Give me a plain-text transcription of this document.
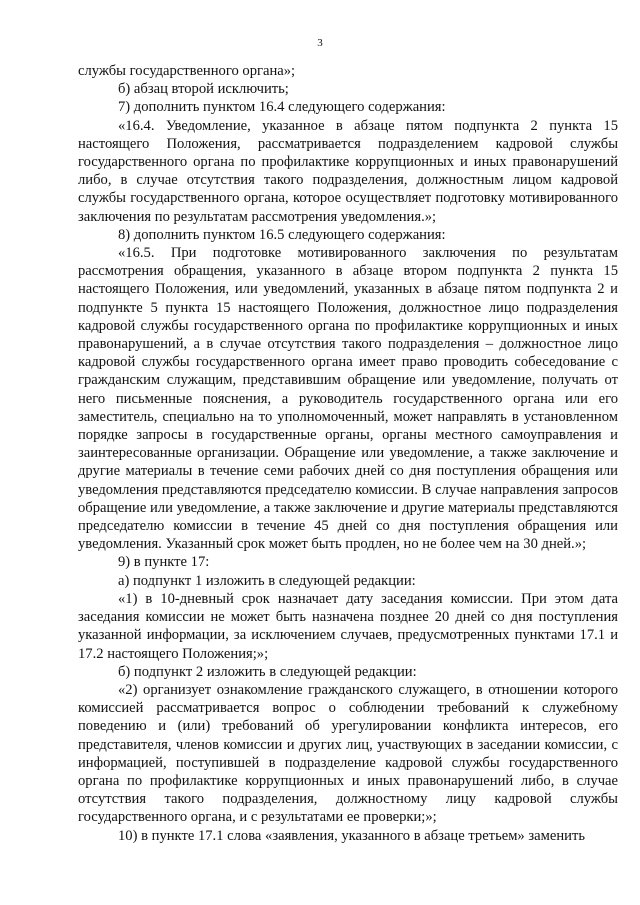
3

службы государственного органа»;

б) абзац второй исключить;

7) дополнить пунктом 16.4 следующего содержания:

«16.4. Уведомление, указанное в абзаце пятом подпункта 2 пункта 15 настоящего Положения, рассматривается подразделением кадровой службы государственного органа по профилактике коррупционных и иных правонарушений либо, в случае отсутствия такого подразделения, должностным лицом кадровой службы государственного органа, которое осуществляет подготовку мотивированного заключения по результатам рассмотрения уведомления.»;

8) дополнить пунктом 16.5 следующего содержания:

«16.5. При подготовке мотивированного заключения по результатам рассмотрения обращения, указанного в абзаце втором подпункта 2 пункта 15 настоящего Положения, или уведомлений, указанных в абзаце пятом подпункта 2 и подпункте 5 пункта 15 настоящего Положения, должностное лицо подразделения кадровой службы государственного органа по профилактике коррупционных и иных правонарушений, а в случае отсутствия такого подразделения – должностное лицо кадровой службы государственного органа имеет право проводить собеседование с гражданским служащим, представившим обращение или уведомление, получать от него письменные пояснения, а руководитель государственного органа или его заместитель, специально на то уполномоченный, может направлять в установленном порядке запросы в государственные органы, органы местного самоуправления и заинтересованные организации. Обращение или уведомление, а также заключение и другие материалы в течение семи рабочих дней со дня поступления обращения или уведомления представляются председателю комиссии. В случае направления запросов обращение или уведомление, а также заключение и другие материалы представляются председателю комиссии в течение 45 дней со дня поступления обращения или уведомления. Указанный срок может быть продлен, но не более чем на 30 дней.»;

9) в пункте 17:

а) подпункт 1 изложить в следующей редакции:

«1) в 10-дневный срок назначает дату заседания комиссии. При этом дата заседания комиссии не может быть назначена позднее 20 дней со дня поступления указанной информации, за исключением случаев, предусмотренных пунктами 17.1 и 17.2 настоящего Положения;»;

б) подпункт 2 изложить в следующей редакции:

«2) организует ознакомление гражданского служащего, в отношении которого комиссией рассматривается вопрос о соблюдении требований к служебному поведению и (или) требований об урегулировании конфликта интересов, его представителя, членов комиссии и других лиц, участвующих в заседании комиссии, с информацией, поступившей в подразделение кадровой службы государственного органа по профилактике коррупционных и иных правонарушений либо, в случае отсутствия такого подразделения, должностному лицу кадровой службы государственного органа, и с результатами ее проверки;»;

10) в пункте 17.1 слова «заявления, указанного в абзаце третьем» заменить
